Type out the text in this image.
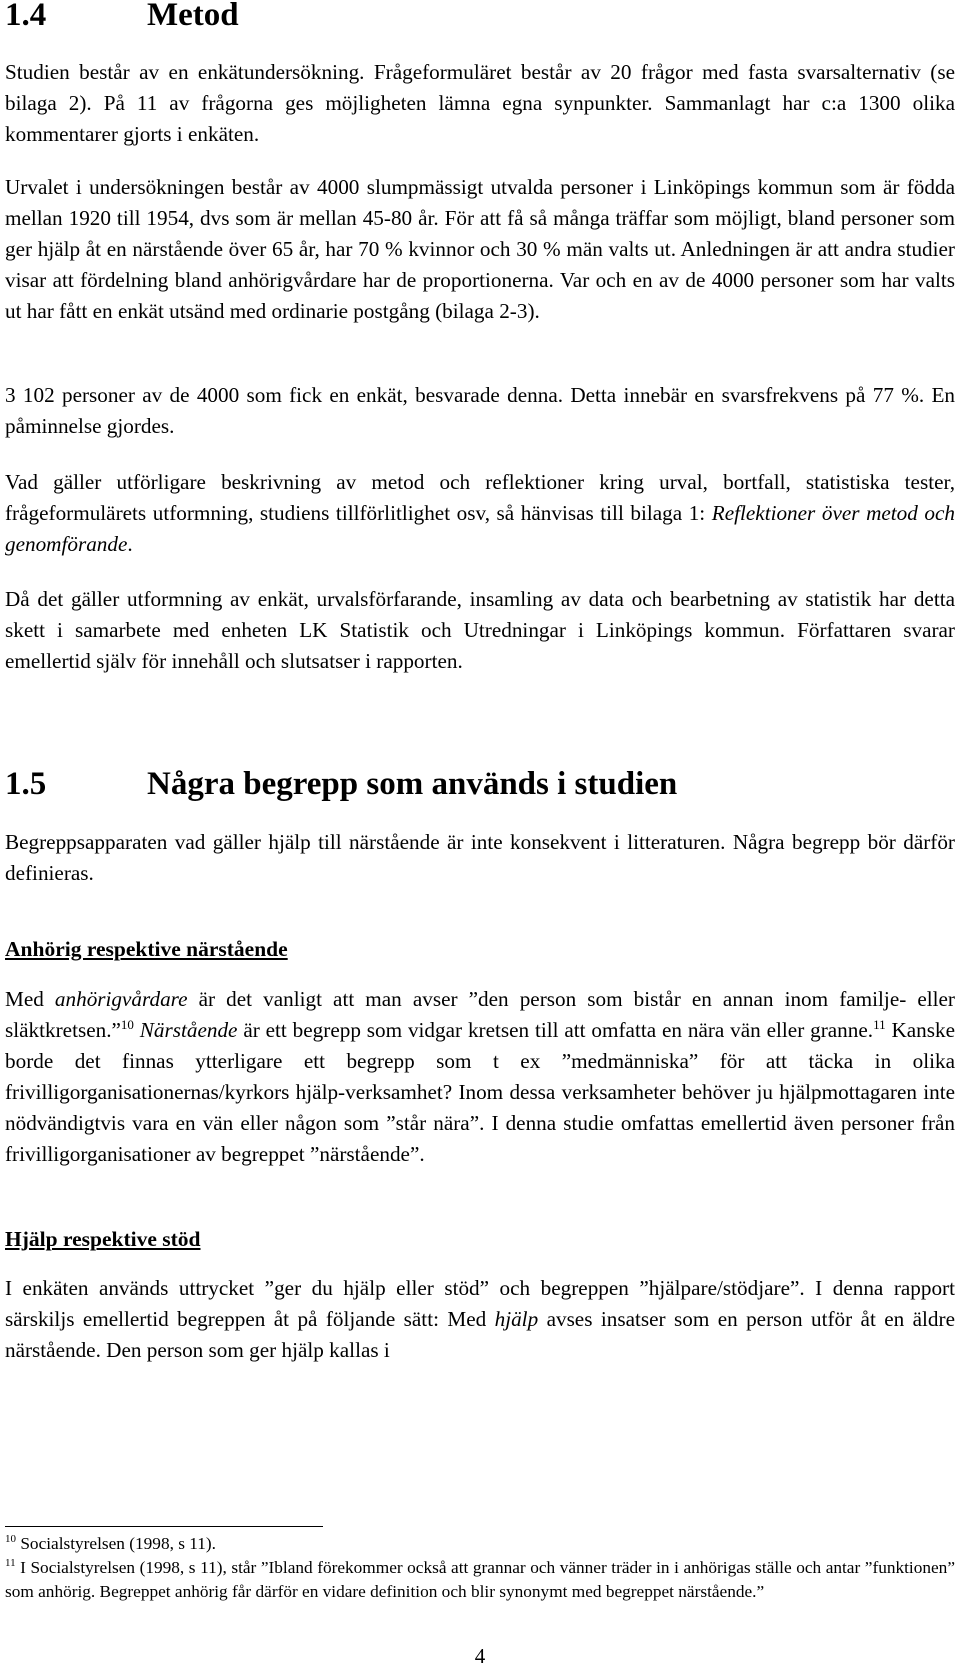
1.4	Metod

Studien består av en enkätundersökning. Frågeformuläret består av 20 frågor med fasta svarsalternativ (se bilaga 2). På 11 av frågorna ges möjligheten lämna egna synpunkter. Sammanlagt har c:a 1300 olika kommentarer gjorts i enkäten.

Urvalet i undersökningen består av 4000 slumpmässigt utvalda personer i Linköpings kommun som är födda mellan 1920 till 1954, dvs som är mellan 45-80 år. För att få så många träffar som möjligt, bland personer som ger hjälp åt en närstående över 65 år, har 70 % kvinnor och 30 % män valts ut. Anledningen är att andra studier visar att fördelning bland anhörigvårdare har de proportionerna. Var och en av de 4000 personer som har valts ut har fått en enkät utsänd med ordinarie postgång (bilaga 2-3).

3 102 personer av de 4000 som fick en enkät, besvarade denna. Detta innebär en svarsfrekvens på 77 %. En påminnelse gjordes.

Vad gäller utförligare beskrivning av metod och reflektioner kring urval, bortfall, statistiska tester, frågeformulärets utformning, studiens tillförlitlighet osv, så hänvisas till bilaga 1: Reflektioner över metod och genomförande.

Då det gäller utformning av enkät, urvalsförfarande, insamling av data och bearbetning av statistik har detta skett i samarbete med enheten LK Statistik och Utredningar i Linköpings kommun. Författaren svarar emellertid själv för innehåll och slutsatser i rapporten.

1.5	Några begrepp som används i studien

Begreppsapparaten vad gäller hjälp till närstående är inte konsekvent i litteraturen. Några begrepp bör därför definieras.

Anhörig respektive närstående

Med anhörigvårdare är det vanligt att man avser ”den person som bistår en annan inom familje- eller släktkretsen.”$^{10}$ Närstående är ett begrepp som vidgar kretsen till att omfatta en nära vän eller granne.$^{11}$ Kanske borde det finnas ytterligare ett begrepp som t ex ”medmänniska” för att täcka in olika frivilligorganisationernas/kyrkors hjälp-verksamhet? Inom dessa verksamheter behöver ju hjälpmottagaren inte nödvändigtvis vara en vän eller någon som ”står nära”. I denna studie omfattas emellertid även personer från frivilligorganisationer av begreppet ”närstående”.

Hjälp respektive stöd

I enkäten används uttrycket ”ger du hjälp eller stöd” och begreppen ”hjälpare/stödjare”. I denna rapport särskiljs emellertid begreppen åt på följande sätt: Med hjälp avses insatser som en person utför åt en äldre närstående. Den person som ger hjälp kallas i

$^{10}$ Socialstyrelsen (1998, s 11).

$^{11}$ I Socialstyrelsen (1998, s 11), står ”Ibland förekommer också att grannar och vänner träder in i anhörigas ställe och antar ”funktionen” som anhörig. Begreppet anhörig får därför en vidare definition och blir synonymt med begreppet närstående.”

4
